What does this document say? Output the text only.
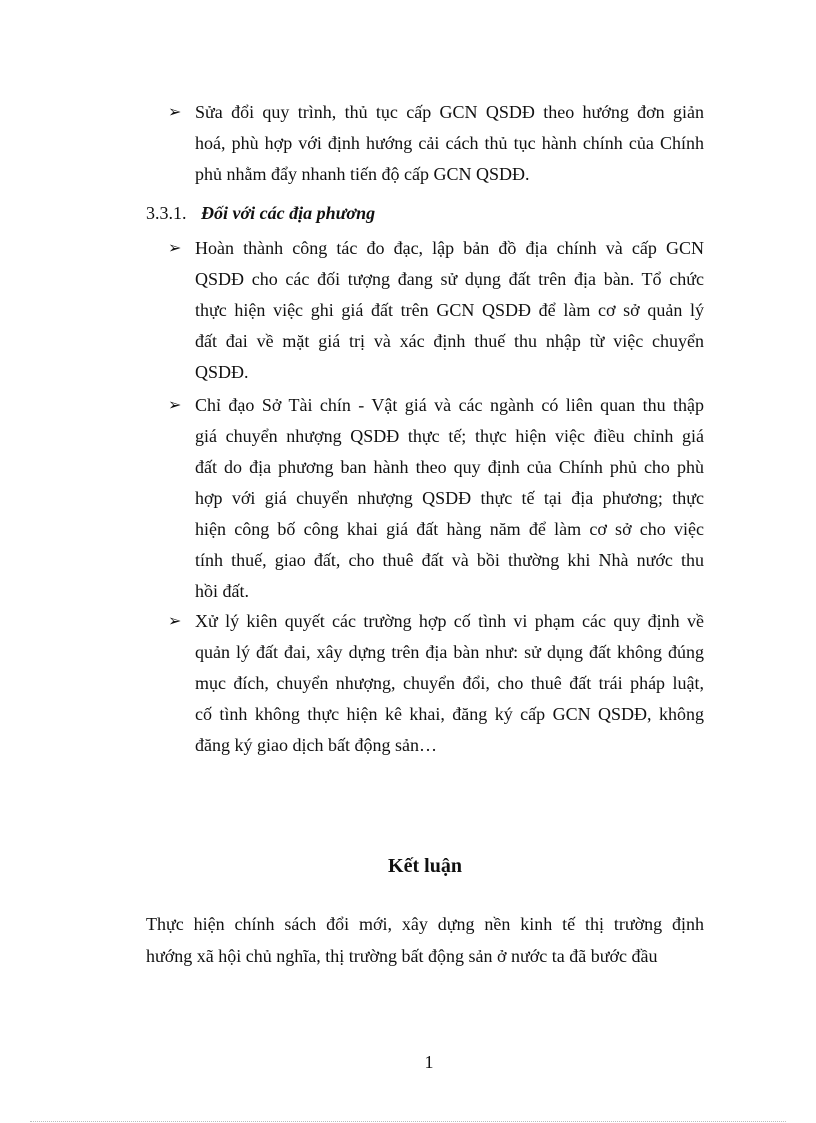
➢ Sửa đổi quy trình, thủ tục cấp GCN QSDĐ theo hướng đơn giản
hoá, phù hợp với định hướng cải cách thủ tục hành chính của Chính
phủ nhằm đẩy nhanh tiến độ cấp GCN QSDĐ.
3.3.1. Đối với các địa phương
➢ Hoàn thành công tác đo đạc, lập bản đồ địa chính và cấp GCN
QSDĐ cho các đối tượng đang sử dụng đất trên địa bàn. Tổ chức
thực hiện việc ghi giá đất trên GCN QSDĐ để làm cơ sở quản lý
đất đai về mặt giá trị và xác định thuế thu nhập từ việc chuyển
QSDĐ.
➢ Chỉ đạo Sở Tài chín - Vật giá và các ngành có liên quan thu thập
giá chuyển nhượng QSDĐ thực tế; thực hiện việc điều chỉnh giá
đất do địa phương ban hành theo quy định của Chính phủ cho phù
hợp với giá chuyển nhượng QSDĐ thực tế tại địa phương; thực
hiện công bố công khai giá đất hàng năm để làm cơ sở cho việc
tính thuế, giao đất, cho thuê đất và bồi thường khi Nhà nước thu
hồi đất.
➢ Xử lý kiên quyết các trường hợp cố tình vi phạm các quy định về
quản lý đất đai, xây dựng trên địa bàn như: sử dụng đất không đúng
mục đích, chuyển nhượng, chuyển đổi, cho thuê đất trái pháp luật,
cố tình không thực hiện kê khai, đăng ký cấp GCN QSDĐ, không
đăng ký giao dịch bất động sản…
Kết luận
Thực hiện chính sách đổi mới, xây dựng nền kinh tế thị trường định
hướng xã hội chủ nghĩa, thị trường bất động sản ở nước ta đã bước đầu
1
